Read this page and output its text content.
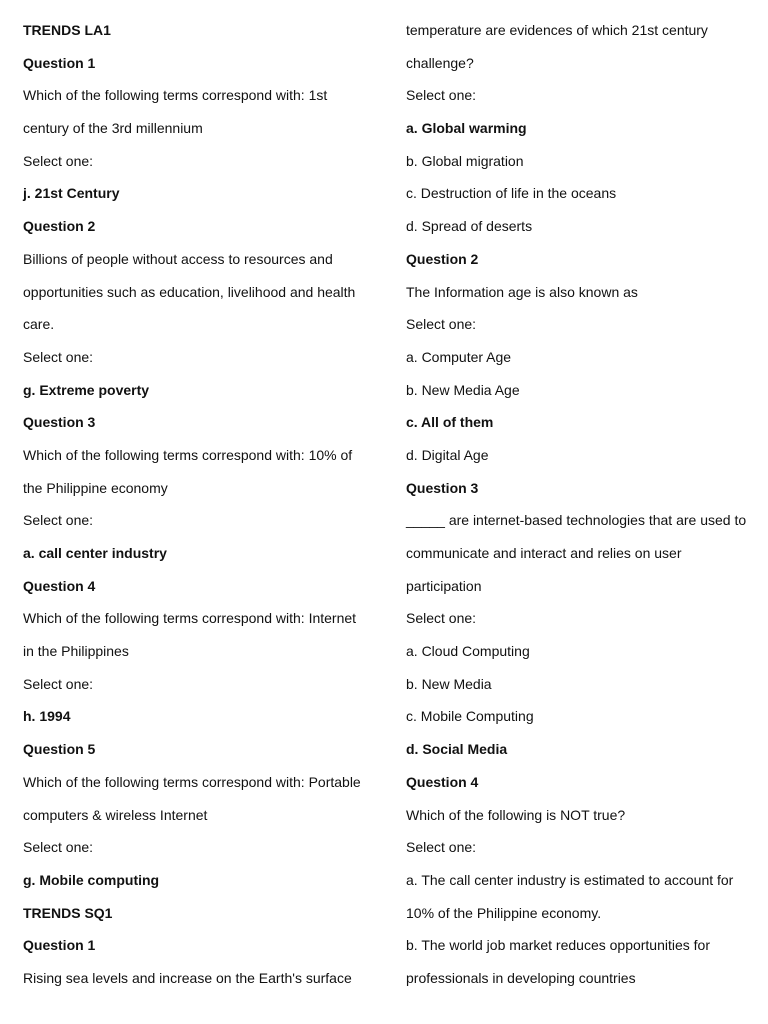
TRENDS LA1
Question 1
Which of the following terms correspond with: 1st
century of the 3rd millennium
Select one:
j. 21st Century
Question 2
Billions of people without access to resources and
opportunities such as education, livelihood and health
care.
Select one:
g. Extreme poverty
Question 3
Which of the following terms correspond with: 10% of
the Philippine economy
Select one:
a. call center industry
Question 4
Which of the following terms correspond with: Internet
in the Philippines
Select one:
h. 1994
Question 5
Which of the following terms correspond with: Portable
computers & wireless Internet
Select one:
g. Mobile computing
TRENDS SQ1
Question 1
Rising sea levels and increase on the Earth's surface
temperature are evidences of which 21st century
challenge?
Select one:
a. Global warming
b. Global migration
c. Destruction of life in the oceans
d. Spread of deserts
Question 2
The Information age is also known as
Select one:
a. Computer Age
b. New Media Age
c. All of them
d. Digital Age
Question 3
_____ are internet-based technologies that are used to
communicate and interact and relies on user
participation
Select one:
a. Cloud Computing
b. New Media
c. Mobile Computing
d. Social Media
Question 4
Which of the following is NOT true?
Select one:
a. The call center industry is estimated to account for
10% of the Philippine economy.
b. The world job market reduces opportunities for
professionals in developing countries
